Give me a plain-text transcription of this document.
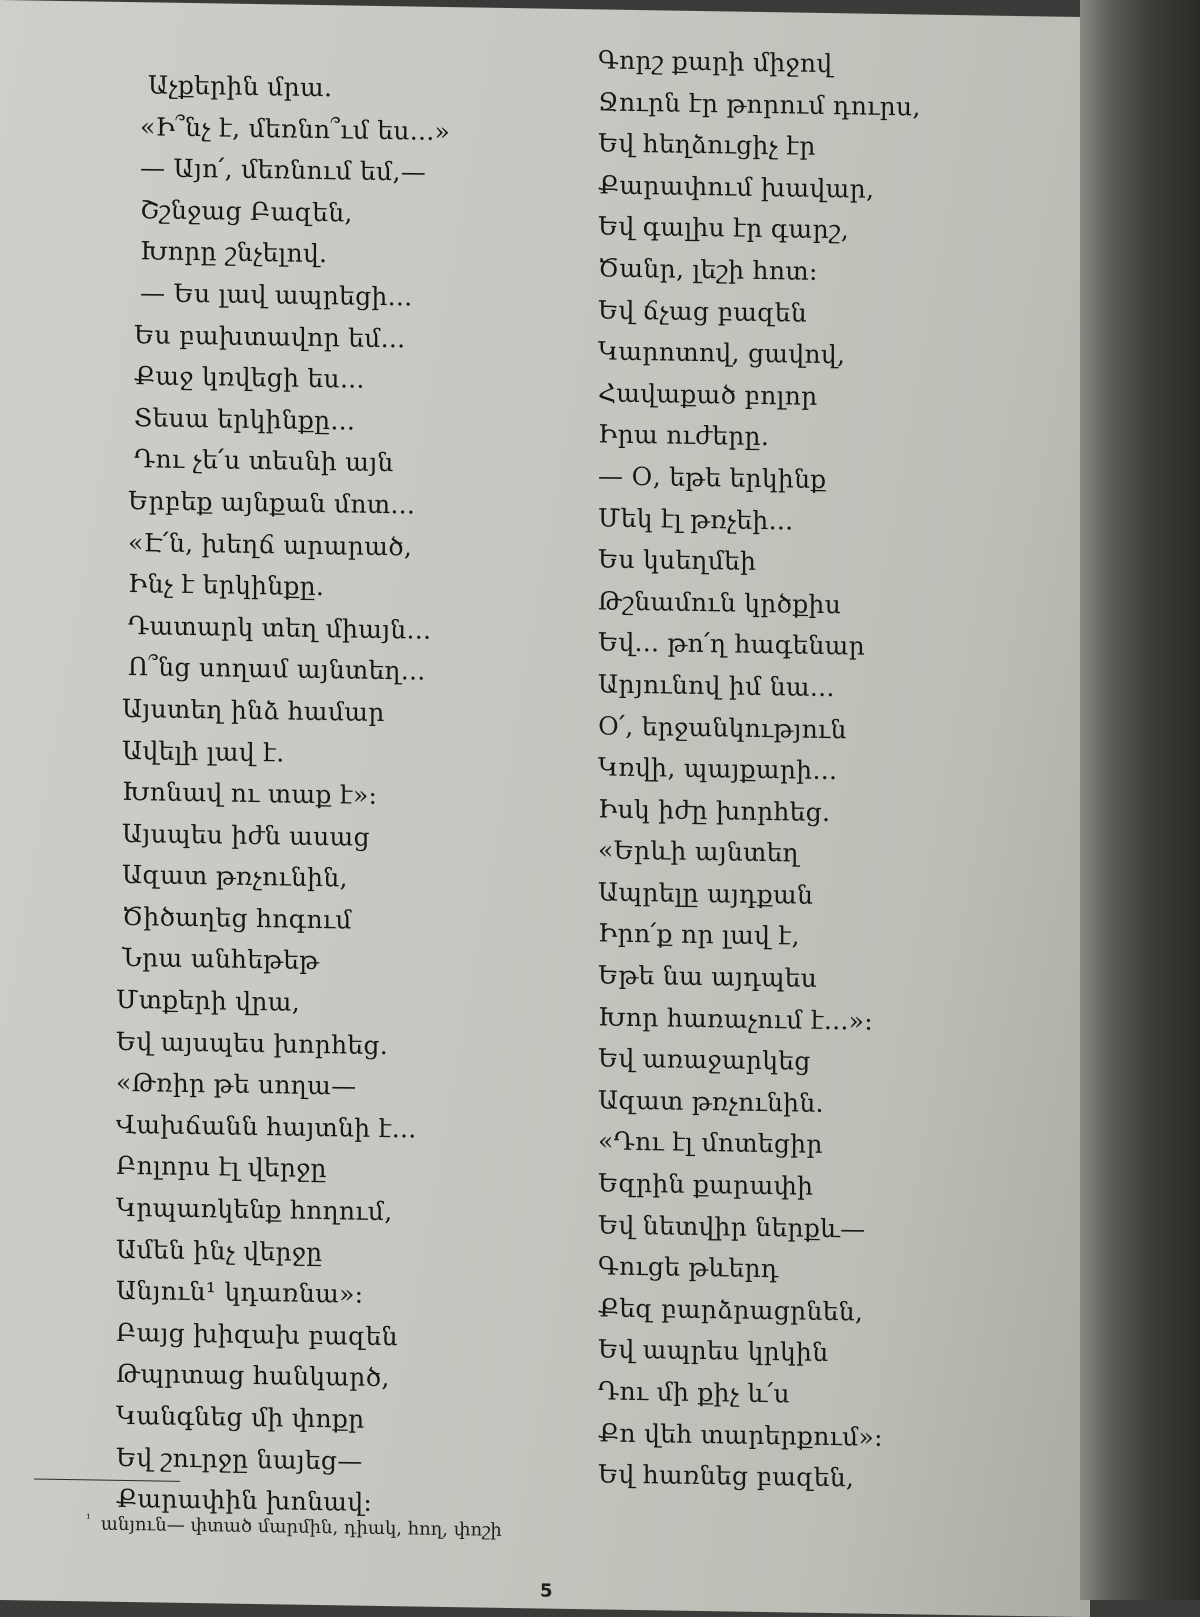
Աչքերին մրա.
«Ի՞նչ է, մեռնո՞ւմ ես...»
— Այո՛, մեռնում եմ,—
Շշնջաց Բազեն,
Խորը շնչելով.
— Ես լավ ապրեցի...
Ես բախտավոր եմ...
Քաջ կռվեցի ես...
Տեսա երկինքը...
Դու չե՛ս տեսնի այն
Երբեք այնքան մոտ...
«Է՛ն, խեղճ արարած,
Ինչ է երկինքը.
Դատարկ տեղ միայն...
Ո՞նց սողամ այնտեղ...
Այստեղ ինձ համար
Ավելի լավ է.
Խոնավ ու տաք է»:
Այսպես իժն ասաց
Ազատ թռչունին,
Ծիծաղեց հոգում
Նրա անհեթեթ
Մտքերի վրա,
Եվ այսպես խորհեց.
«Թռիր թե սողա—
Վախճանն հայտնի է...
Բոլորս էլ վերջը
Կրպառկենք հողում,
Ամեն ինչ վերջը
Անյուն¹ կդառնա»:
Բայց խիզախ բազեն
Թպրտաց հանկարծ,
Կանգնեց մի փոքր
Եվ շուրջը նայեց—
Քարափին խոնավ:
Գորշ քարի միջով
Ջուրն էր թորում դուրս,
Եվ հեղձուցիչ էր
Քարափում խավար,
Եվ գալիս էր գարշ,
Ծանր, լեշի հոտ:
Եվ ճչաց բազեն
Կարոտով, ցավով,
Հավաքած բոլոր
Իրա ուժերը.
— Օ, եթե երկինք
Մեկ էլ թռչեի...
Ես կսեղմեի
Թշնամուն կրծքիս
Եվ... թո՛ղ հագենար
Արյունով իմ նա...
Օ՛, երջանկություն
Կռվի, պայքարի...
Իսկ իժը խորհեց.
«Երևի այնտեղ
Ապրելը այդքան
Իրո՛ք որ լավ է,
Եթե նա այդպես
Խոր հառաչում է...»:
Եվ առաջարկեց
Ազատ թռչունին.
«Դու էլ մոտեցիր
Եզրին քարափի
Եվ նետվիր ներքև—
Գուցե թևերդ
Քեզ բարձրացրնեն,
Եվ ապրես կրկին
Դու մի քիչ և՛ս
Քո վեհ տարերքում»:
Եվ հառնեց բազեն,
$^{^1}$ անյուն— փտած մարմին, դիակ, հող, փոշի
5
